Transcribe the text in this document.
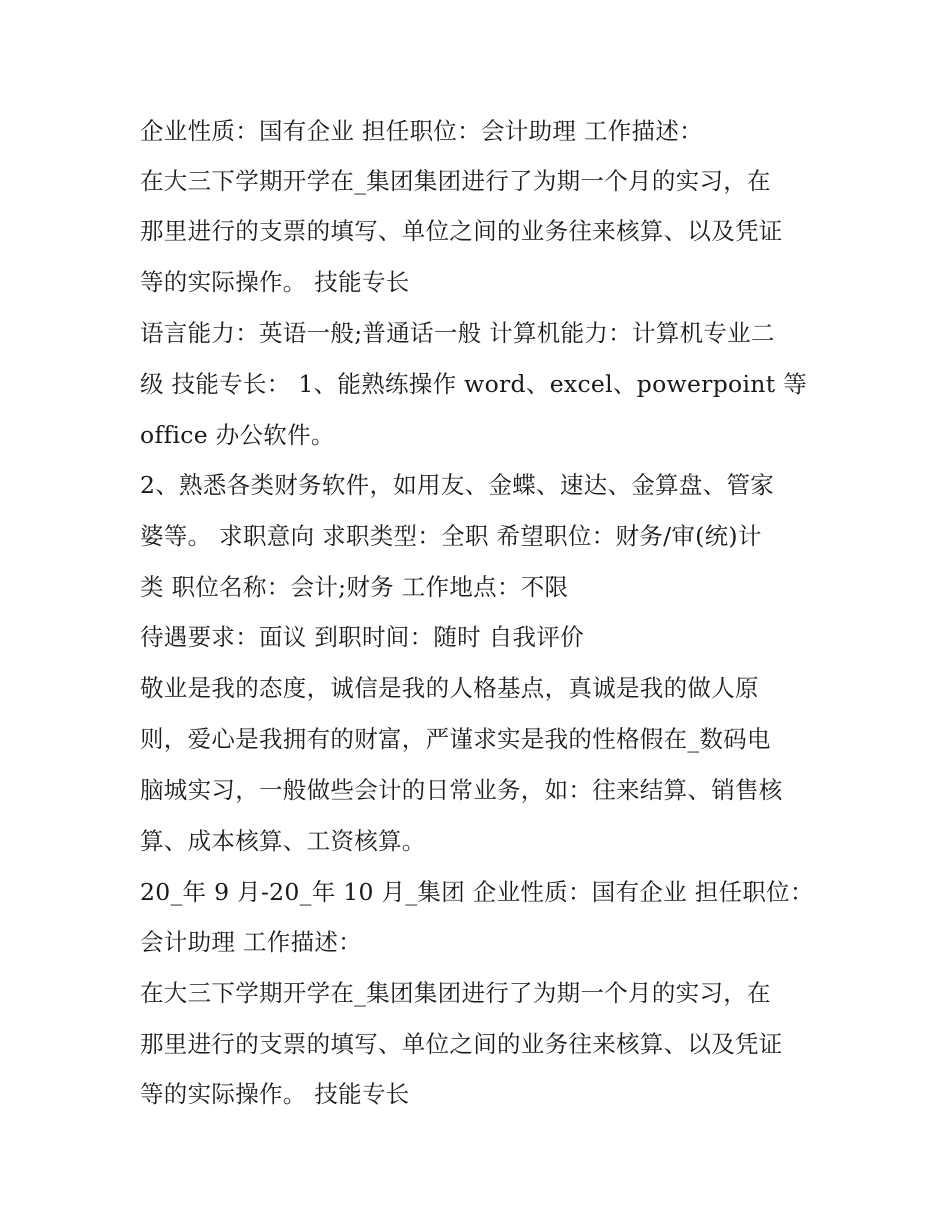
企业性质：国有企业 担任职位：会计助理 工作描述：
在大三下学期开学在_集团集团进行了为期一个月的实习，在
那里进行的支票的填写、单位之间的业务往来核算、以及凭证
等的实际操作。 技能专长
语言能力：英语一般;普通话一般 计算机能力：计算机专业二
级 技能专长： 1、能熟练操作 word、excel、powerpoint 等
office 办公软件。
2、熟悉各类财务软件，如用友、金蝶、速达、金算盘、管家
婆等。 求职意向 求职类型：全职 希望职位：财务/审(统)计
类 职位名称：会计;财务 工作地点：不限
待遇要求：面议 到职时间：随时 自我评价
敬业是我的态度，诚信是我的人格基点，真诚是我的做人原
则，爱心是我拥有的财富，严谨求实是我的性格假在_数码电
脑城实习，一般做些会计的日常业务，如：往来结算、销售核
算、成本核算、工资核算。
20_年 9 月-20_年 10 月_集团 企业性质：国有企业 担任职位：
会计助理 工作描述：
在大三下学期开学在_集团集团进行了为期一个月的实习，在
那里进行的支票的填写、单位之间的业务往来核算、以及凭证
等的实际操作。 技能专长
